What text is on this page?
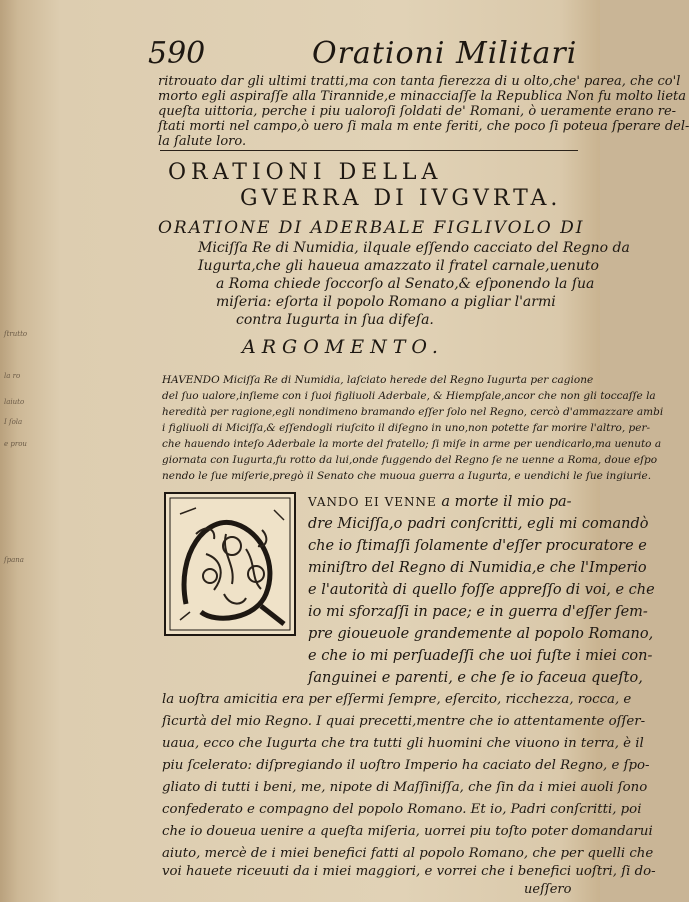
590	Orationi Militari
ritrouato dar gli ultimi tratti,ma con tanta fierezza di u olto,che' parea, che co'l
morto egli aspiraſſe alla Tirannide,e minacciaſſe la Republica Non fu molto lieta
queſta uittoria, perche i piu ualoroſi ſoldati de' Romani, ò ueramente erano re-
ſtati morti nel campo,ò uero ſi mala m ente feriti, che poco ſi poteua ſperare del-
la ſalute loro.
ORATIONI DELLA
GVERRA DI IVGVRTA.
ORATIONE DI ADERBALE FIGLIVOLO DI
Miciſſa Re di Numidia, ilquale eſſendo cacciato del Regno da
Iugurta,che gli haueua amazzato il fratel carnale,uenuto
a Roma chiede ſoccorſo al Senato,& eſponendo la ſua
miſeria: eſorta il popolo Romano a pigliar l'armi
contra Iugurta in ſua difeſa.
ARGOMENTO.
HAVENDO Miciſſa Re di Numidia, laſciato herede del Regno Iugurta per cagione
del ſuo ualore,inſieme con i ſuoi figliuoli Aderbale, & Hiempſale,ancor che non gli toccaſſe la
heredità per ragione,egli nondimeno bramando eſſer ſolo nel Regno, cercò d'ammazzare ambi
i figliuoli di Miciſſa,& eſſendogli riuſcito il diſegno in uno,non potette far morire l'altro, per-
che hauendo inteſo Aderbale la morte del fratello; ſi miſe in arme per uendicarlo,ma uenuto a
giornata con Iugurta,fu rotto da lui,onde fuggendo del Regno ſe ne uenne a Roma, doue eſpo
nendo le ſue miſerie,pregò il Senato che muoua guerra a Iugurta, e uendichi le ſue ingiurie.
VANDO EI VENNE a morte il mio pa-
dre Miciſſa,o padri conſcritti, egli mi comandò
che io ſtimaſſi ſolamente d'eſſer procuratore e
miniſtro del Regno di Numidia,e che l'Imperio
e l'autorità di quello foſſe appreſſo di voi, e che
io mi sforzaſſi in pace; e in guerra d'eſſer ſem-
pre gioueuole grandemente al popolo Romano,
e che io mi perſuadeſſi che uoi fuſte i miei con-
ſanguinei e parenti, e che ſe io faceua queſto,
la uoſtra amicitia era per eſſermi ſempre, eſercito, ricchezza, rocca, e
ſicurtà del mio Regno. I quai precetti,mentre che io attentamente oſſer-
uaua, ecco che Iugurta che tra tutti gli huomini che viuono in terra, è il
piu ſcelerato: diſpregiando il uoſtro Imperio ha caciato del Regno, e ſpo-
gliato di tutti i beni, me, nipote di Maſſiniſſa, che ſin da i miei auoli ſono
confederato e compagno del popolo Romano. Et io, Padri conſcritti, poi
che io doueua uenire a queſta miſeria, uorrei piu toſto poter domandarui
aiuto, mercè de i miei benefici fatti al popolo Romano, che per quelli che
voi hauete riceuuti da i miei maggiori, e vorrei che i benefici uoſtri, ſi do-
ueſſero
ſtrutto
la ro
laiuto
I ſola
e prou
ſpana
